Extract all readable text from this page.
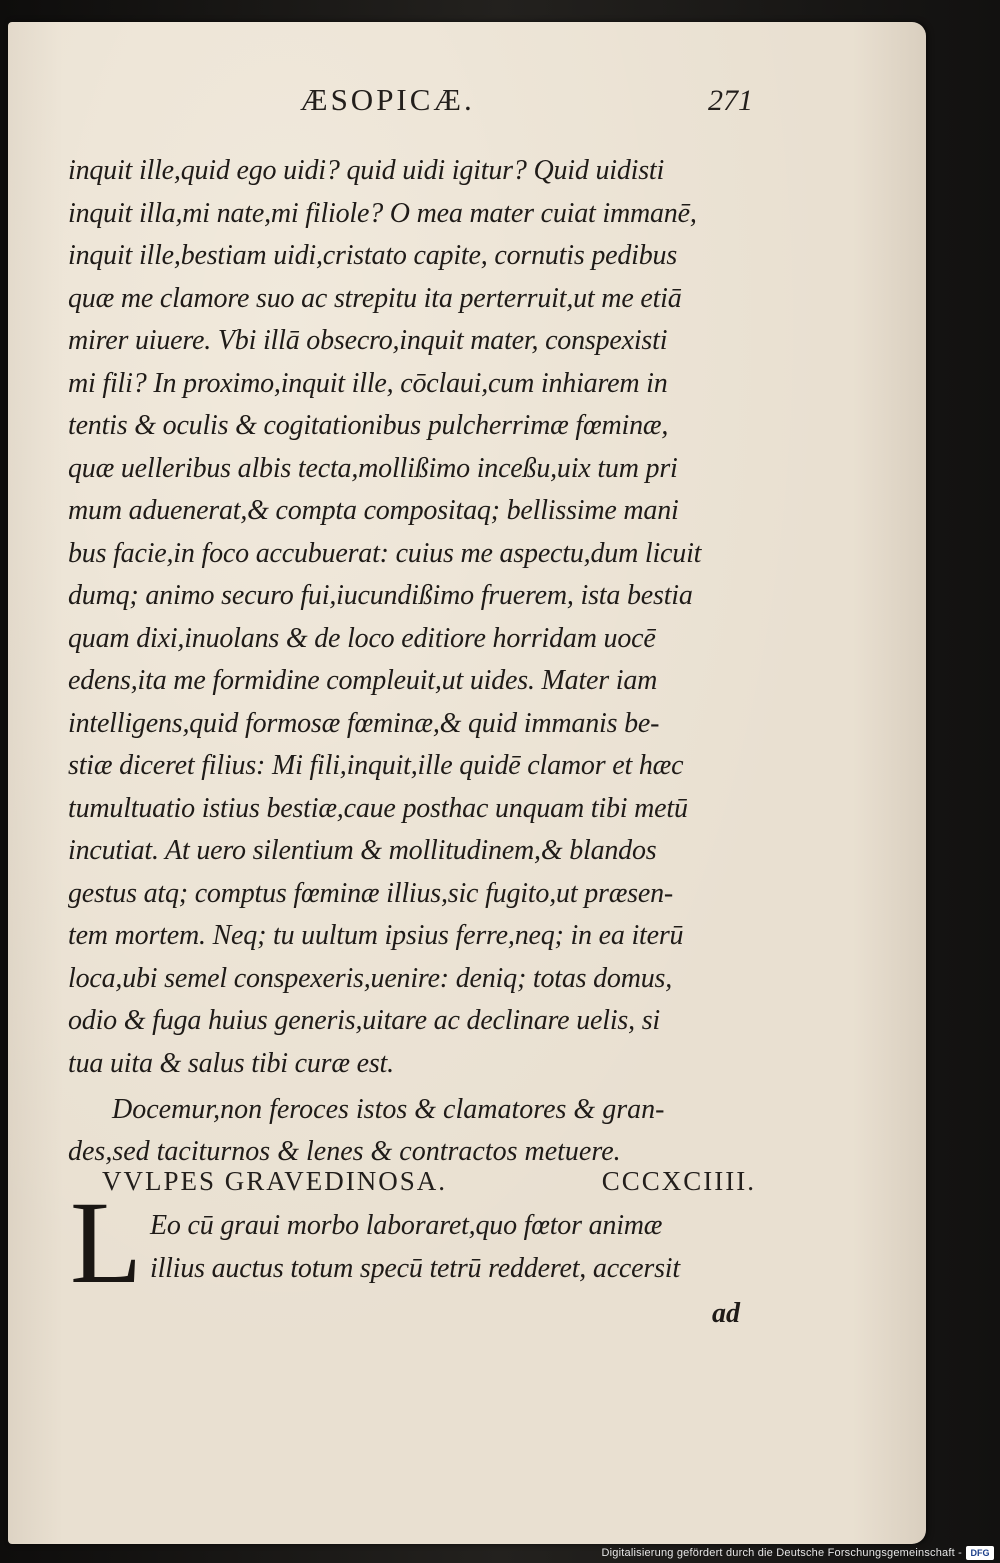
ÆSOPICÆ.	271
inquit ille,quid ego uidi? quid uidi igitur? Quid uidisti
inquit illa,mi nate,mi filiole? O mea mater cuiat immanē,
inquit ille,bestiam uidi,cristato capite, cornutis pedibus
quæ me clamore suo ac strepitu ita perterruit,ut me etiā
mirer uiuere. Vbi illā obsecro,inquit mater, conspexisti
mi fili? In proximo,inquit ille, cōclaui,cum inhiarem in
tentis & oculis & cogitationibus pulcherrimæ fœminæ,
quæ uelleribus albis tecta,mollißimo inceßu,uix tum pri
mum aduenerat,& compta compositaq; bellissime mani
bus facie,in foco accubuerat: cuius me aspectu,dum licuit
dumq; animo securo fui,iucundißimo fruerem, ista bestia
quam dixi,inuolans & de loco editiore horridam uocē
edens,ita me formidine compleuit,ut uides. Mater iam
intelligens,quid formosæ fœminæ,& quid immanis be-
stiæ diceret filius: Mi fili,inquit,ille quidē clamor et hæc
tumultuatio istius bestiæ,caue posthac unquam tibi metū
incutiat. At uero silentium & mollitudinem,& blandos
gestus atq; comptus fœminæ illius,sic fugito,ut præsen-
tem mortem. Neq; tu uultum ipsius ferre,neq; in ea iterū
loca,ubi semel conspexeris,uenire: deniq; totas domus,
odio & fuga huius generis,uitare ac declinare uelis, si
tua uita & salus tibi curæ est.
Docemur,non feroces istos & clamatores & gran-
des,sed taciturnos & lenes & contractos metuere.
VVLPES GRAVEDINOSA.	CCCXCIIII.
L Eo cū graui morbo laboraret,quo fœtor animæ
illius auctus totum specū tetrū redderet, accersit
ad
Digitalisierung gefördert durch die Deutsche Forschungsgemeinschaft - DFG
